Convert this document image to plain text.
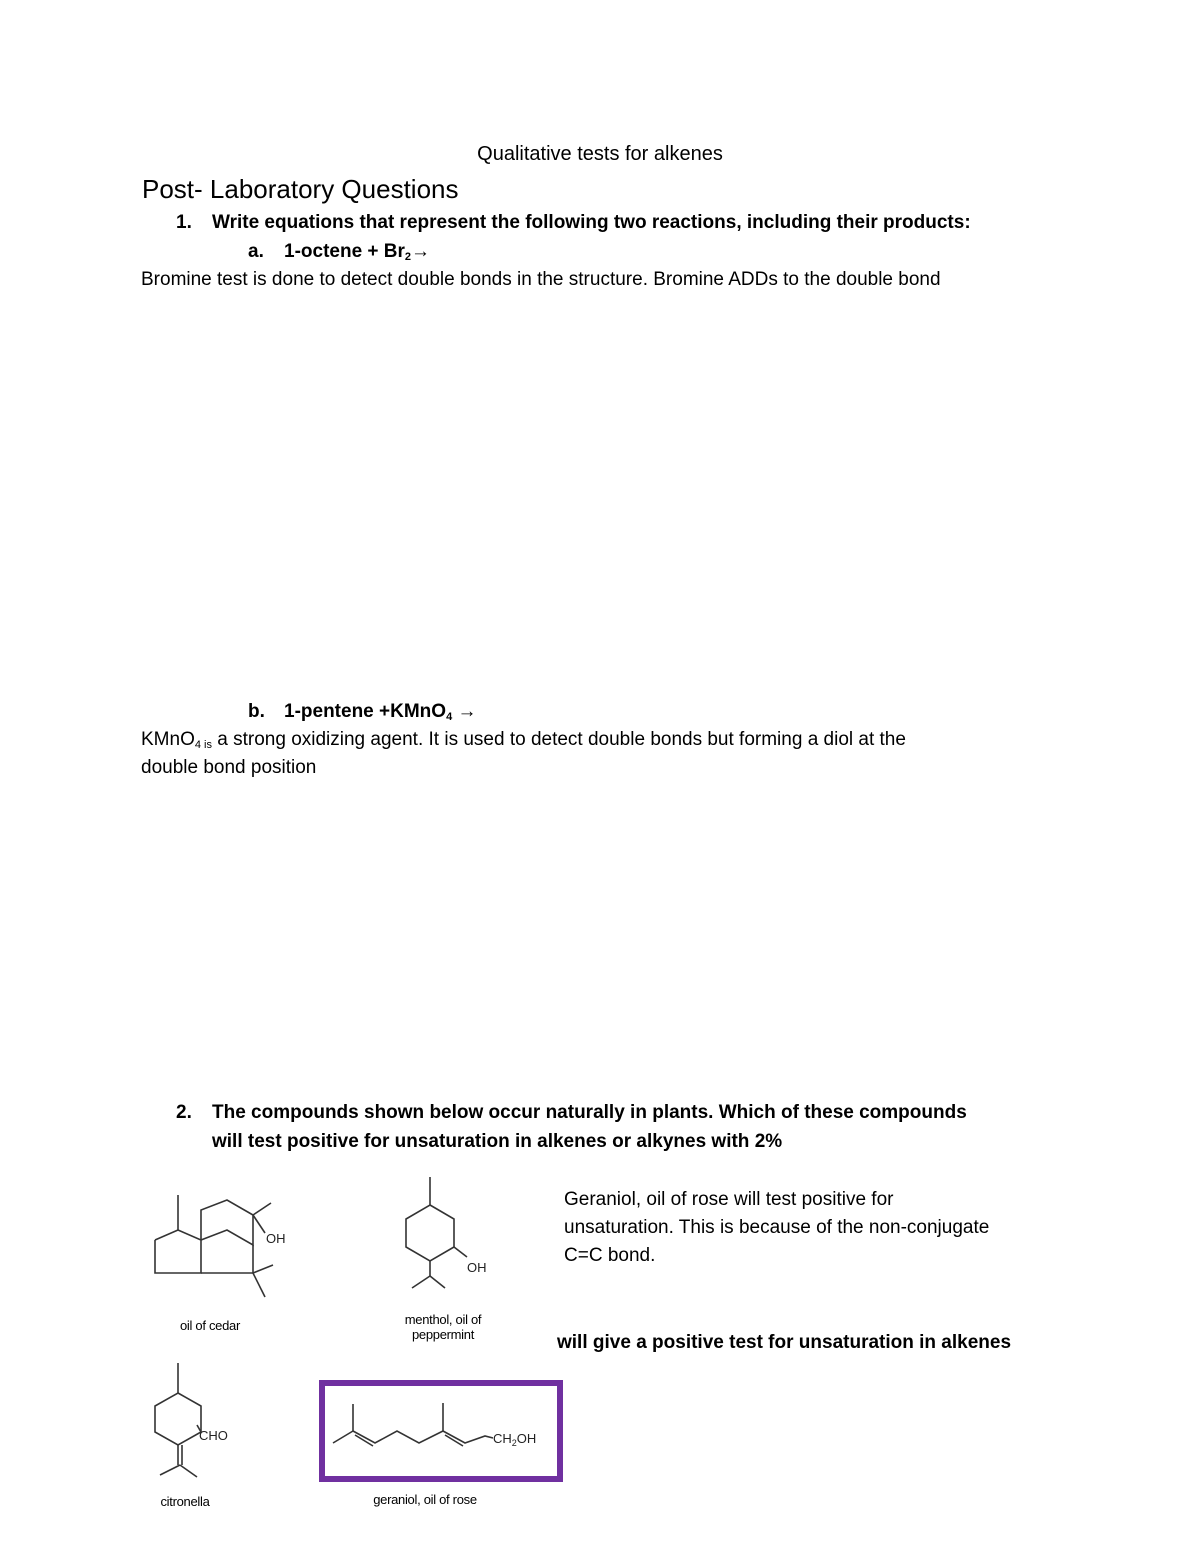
Qualitative tests for alkenes
Post- Laboratory Questions
1. Write equations that represent the following two reactions, including their products:
a. 1-octene + $Br_2\to$
Bromine test is done to detect double bonds in the structure. Bromine ADDs to the double bond
b. 1-pentene +KMnO$_4$ →
KMnO$_{4 is}$ a strong oxidizing agent. It is used to detect double bonds but forming a diol at the
double bond position
2. The compounds shown below occur naturally in plants. Which of these compounds
will test positive for unsaturation in alkenes or alkynes with 2%
Geraniol, oil of rose will test positive for
unsaturation. This is because of the non-conjugate
C=C bond.
will give a positive test for unsaturation in alkenes
OH
oil of cedar
OH
menthol, oil of
peppermint
CHO
citronella
$CH_2OH$
geraniol, oil of rose
